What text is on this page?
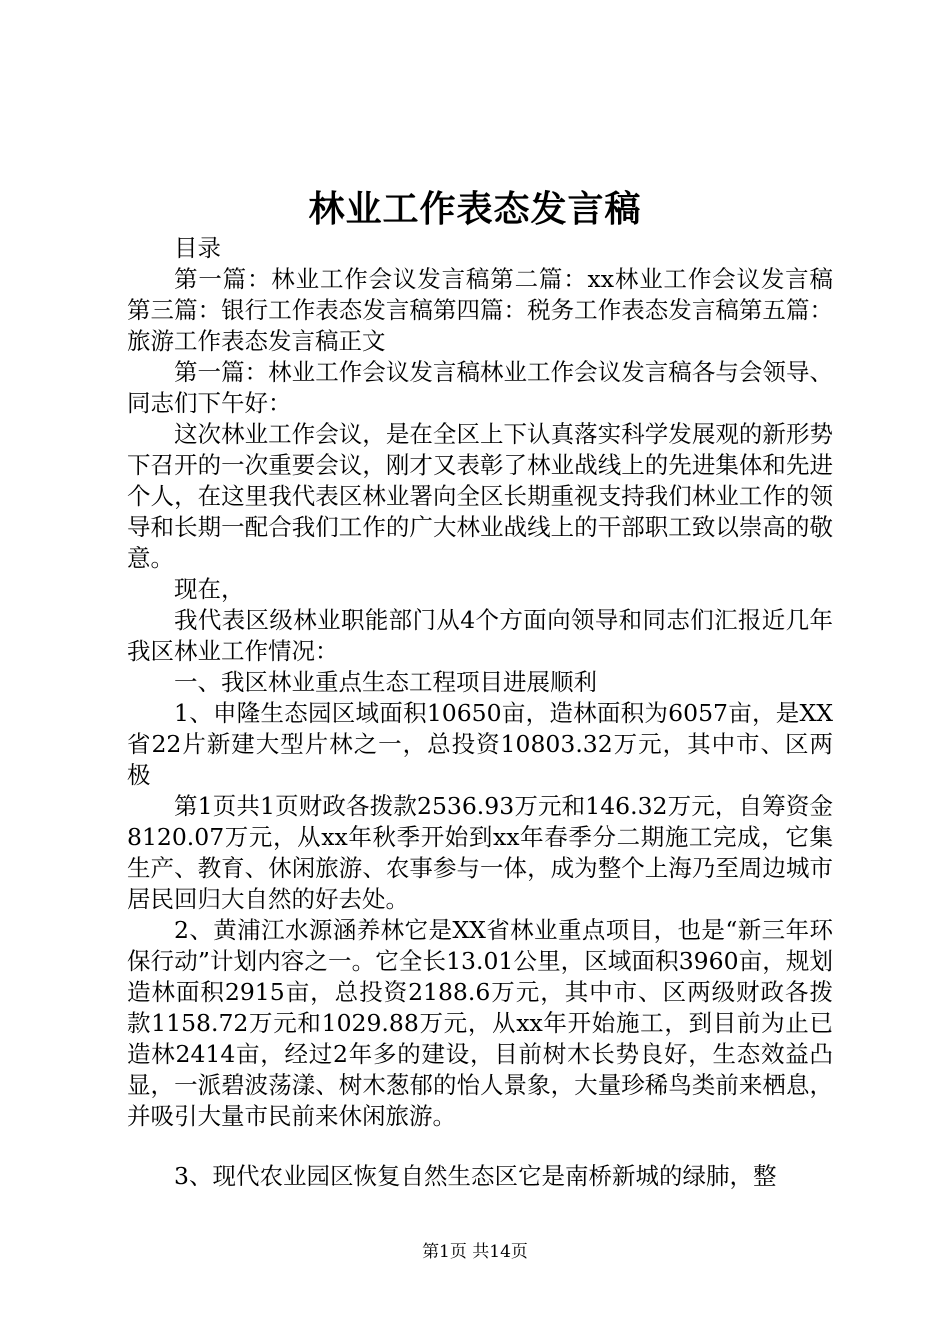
林业工作表态发言稿

目录

第一篇：林业工作会议发言稿第二篇：xx林业工作会议发言稿第三篇：银行工作表态发言稿第四篇：税务工作表态发言稿第五篇：旅游工作表态发言稿正文

第一篇：林业工作会议发言稿林业工作会议发言稿各与会领导、同志们下午好：

这次林业工作会议，是在全区上下认真落实科学发展观的新形势下召开的一次重要会议，刚才又表彰了林业战线上的先进集体和先进个人，在这里我代表区林业署向全区长期重视支持我们林业工作的领导和长期一配合我们工作的广大林业战线上的干部职工致以崇高的敬意。

现在，

我代表区级林业职能部门从4个方面向领导和同志们汇报近几年我区林业工作情况：

一、我区林业重点生态工程项目进展顺利

1、申隆生态园区域面积10650亩，造林面积为6057亩，是XX省22片新建大型片林之一，总投资10803.32万元，其中市、区两极

第1页共1页财政各拨款2536.93万元和146.32万元，自筹资金8120.07万元，从xx年秋季开始到xx年春季分二期施工完成，它集生产、教育、休闲旅游、农事参与一体，成为整个上海乃至周边城市居民回归大自然的好去处。

2、黄浦江水源涵养林它是XX省林业重点项目，也是“新三年环保行动”计划内容之一。它全长13.01公里，区域面积3960亩，规划造林面积2915亩，总投资2188.6万元，其中市、区两级财政各拨款1158.72万元和1029.88万元，从xx年开始施工，到目前为止已造林2414亩，经过2年多的建设，目前树木长势良好，生态效益凸显，一派碧波荡漾、树木葱郁的怡人景象，大量珍稀鸟类前来栖息，并吸引大量市民前来休闲旅游。

3、现代农业园区恢复自然生态区它是南桥新城的绿肺，整

第1页 共14页
